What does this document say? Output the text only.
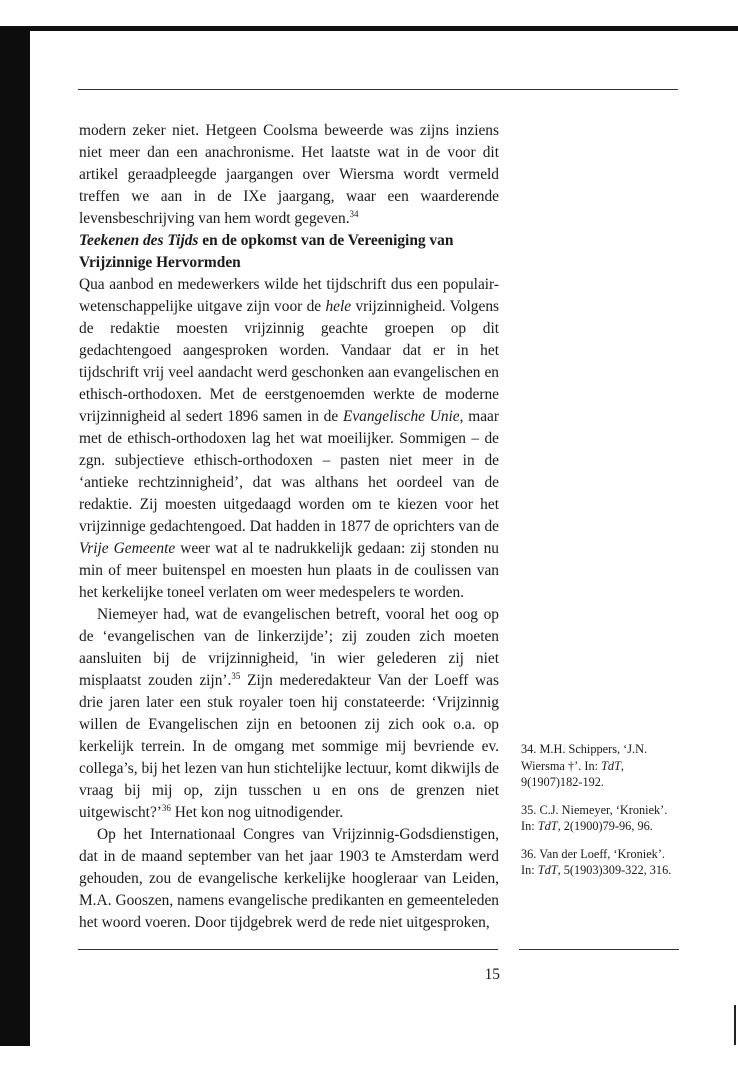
modern zeker niet. Hetgeen Coolsma beweerde was zijns inziens niet meer dan een anachronisme. Het laatste wat in de voor dit artikel geraadpleegde jaargangen over Wiersma wordt vermeld treffen we aan in de IXe jaargang, waar een waarderende levensbeschrijving van hem wordt gegeven.$^{34}$

Teekenen des Tijds en de opkomst van de Vereeniging van Vrijzinnige Hervormden

Qua aanbod en medewerkers wilde het tijdschrift dus een populair-wetenschappelijke uitgave zijn voor de hele vrijzinnigheid. Volgens de redaktie moesten vrijzinnig geachte groepen op dit gedachtengoed aangesproken worden. Vandaar dat er in het tijdschrift vrij veel aandacht werd geschonken aan evangelischen en ethisch-orthodoxen. Met de eerstgenoemden werkte de moderne vrijzinnigheid al sedert 1896 samen in de Evangelische Unie, maar met de ethisch-orthodoxen lag het wat moeilijker. Sommigen – de zgn. subjectieve ethisch-orthodoxen – pasten niet meer in de ‘antieke rechtzinnigheid’, dat was althans het oordeel van de redaktie. Zij moesten uitgedaagd worden om te kiezen voor het vrijzinnige gedachtengoed. Dat hadden in 1877 de oprichters van de Vrije Gemeente weer wat al te nadrukkelijk gedaan: zij stonden nu min of meer buitenspel en moesten hun plaats in de coulissen van het kerkelijke toneel verlaten om weer medespelers te worden.

Niemeyer had, wat de evangelischen betreft, vooral het oog op de ‘evangelischen van de linkerzijde’; zij zouden zich moeten aansluiten bij de vrijzinnigheid, 'in wier gelederen zij niet misplaatst zouden zijn’.$^{35}$ Zijn mederedakteur Van der Loeff was drie jaren later een stuk royaler toen hij constateerde: ‘Vrijzinnig willen de Evangelischen zijn en betoonen zij zich ook o.a. op kerkelijk terrein. In de omgang met sommige mij bevriende ev. collega’s, bij het lezen van hun stichtelijke lectuur, komt dikwijls de vraag bij mij op, zijn tusschen u en ons de grenzen niet uitgewischt?’$^{36}$ Het kon nog uitnodigender.

Op het Internationaal Congres van Vrijzinnig-Godsdienstigen, dat in de maand september van het jaar 1903 te Amsterdam werd gehouden, zou de evangelische kerkelijke hoogleraar van Leiden, M.A. Gooszen, namens evangelische predikanten en gemeenteleden het woord voeren. Door tijdgebrek werd de rede niet uitgesproken,

34. M.H. Schippers, ‘J.N. Wiersma †’. In: TdT, 9(1907)182-192.

35. C.J. Niemeyer, ‘Kroniek’. In: TdT, 2(1900)79-96, 96.

36. Van der Loeff, ‘Kroniek’. In: TdT, 5(1903)309-322, 316.

15
